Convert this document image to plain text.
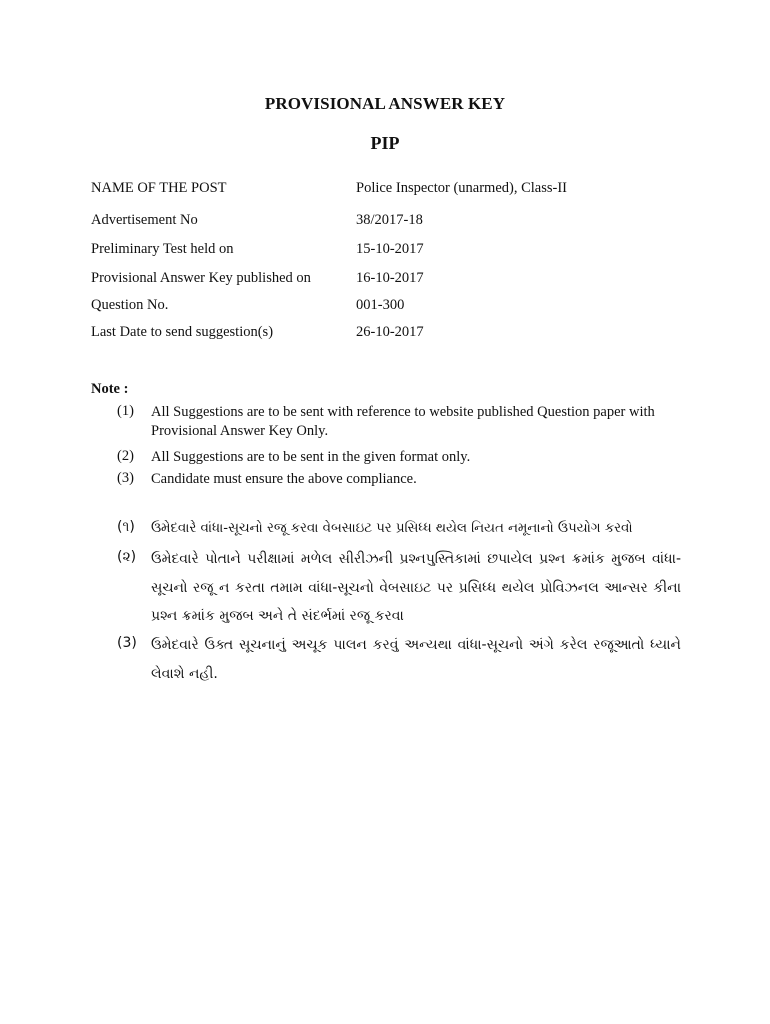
PROVISIONAL ANSWER KEY
PIP
NAME OF THE POST	Police Inspector (unarmed), Class-II
Advertisement No	38/2017-18
Preliminary Test held on	15-10-2017
Provisional Answer Key published on	16-10-2017
Question No.	001-300
Last Date to send suggestion(s)	26-10-2017
Note :
(1) All Suggestions are to be sent with reference to website published Question paper with Provisional Answer Key Only.
(2) All Suggestions are to be sent in the given format only.
(3) Candidate must ensure the above compliance.
(૧) ઉમેદવારે વાંધા-સૂચનો રજૂ કરવા વેબસાઇટ પર પ્રસિધ્ધ થયેલ નિયત નમૂનાનો ઉપયોગ કરવો
(૨) ઉમેદવારે પોતાને પરીક્ષામાં મળેલ સીરીઝની પ્રશ્નપુસ્તિકામાં છપાયેલ પ્રશ્ન ક્રમાંક મુજબ વાંધા-સૂચનો રજૂ ન કરતા તમામ વાંધા-સૂચનો વેબસાઇટ પર પ્રસિધ્ધ થયેલ પ્રોવિઝનલ આન્સર કીના પ્રશ્ન ક્રમાંક મુજબ અને તે સંદર્ભમાં રજૂ કરવા
(3) ઉમેદવારે ઉક્ત સૂચનાનું અચૂક પાલન કરવું અન્યથા વાંધા-સૂચનો અંગે કરેલ રજૂઆતો ધ્યાને લેવાશે નહી.
